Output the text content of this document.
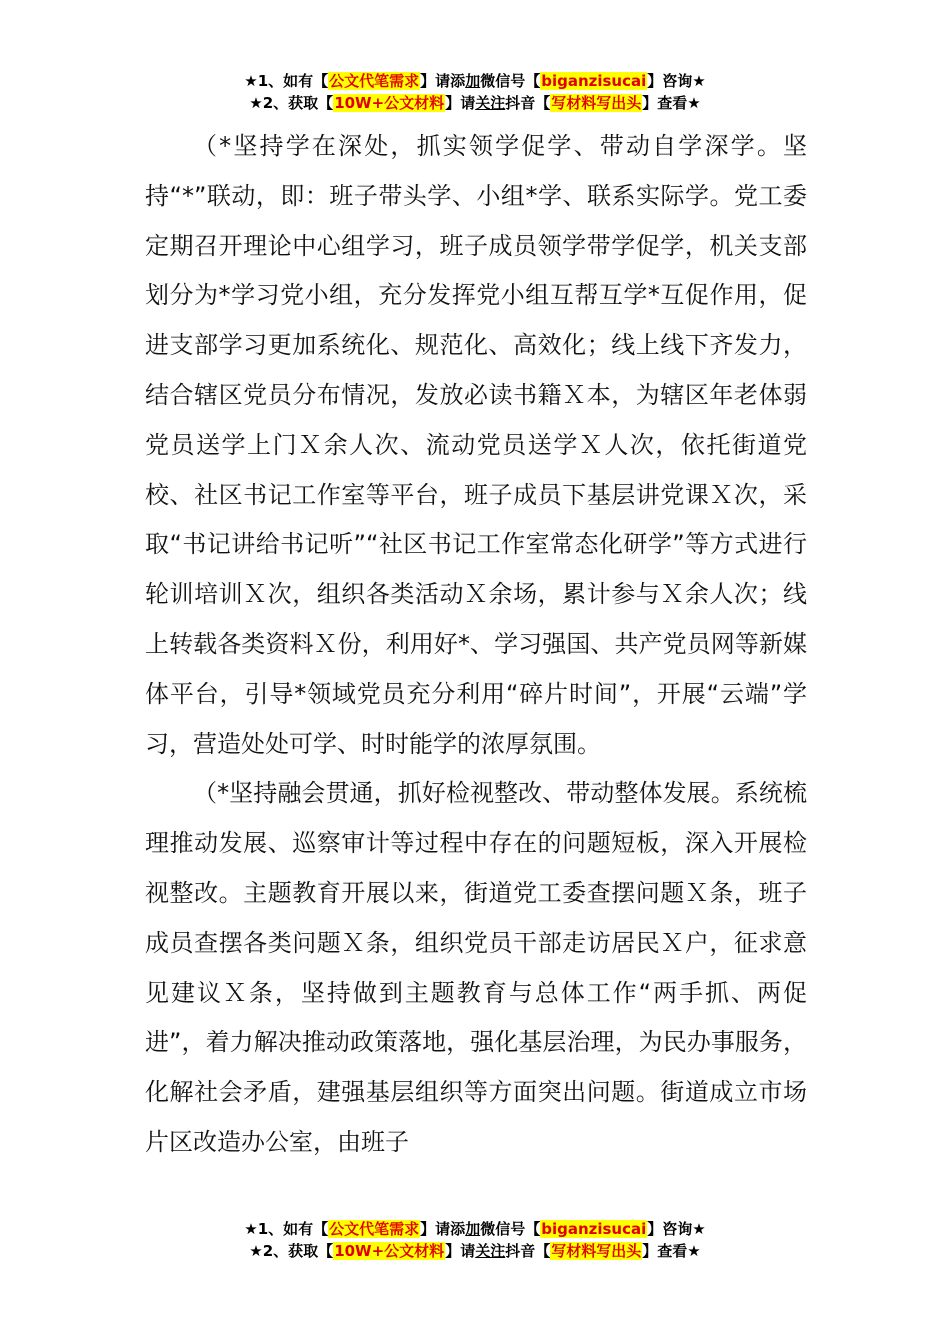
★1、如有【公文代笔需求】请添加微信号【biganzisucai】咨询★
★2、获取【10W+公文材料】请关注抖音【写材料写出头】查看★

（*坚持学在深处，抓实领学促学、带动自学深学。坚持“*”联动，即：班子带头学、小组*学、联系实际学。党工委定期召开理论中心组学习，班子成员领学带学促学，机关支部划分为*学习党小组，充分发挥党小组互帮互学*互促作用，促进支部学习更加系统化、规范化、高效化；线上线下齐发力，结合辖区党员分布情况，发放必读书籍Ｘ本，为辖区年老体弱党员送学上门Ｘ余人次、流动党员送学Ｘ人次，依托街道党校、社区书记工作室等平台，班子成员下基层讲党课Ｘ次，采取“书记讲给书记听”“社区书记工作室常态化研学”等方式进行轮训培训Ｘ次，组织各类活动Ｘ余场，累计参与Ｘ余人次；线上转载各类资料Ｘ份，利用好*、学习强国、共产党员网等新媒体平台，引导*领域党员充分利用“碎片时间”，开展“云端”学习，营造处处可学、时时能学的浓厚氛围。

（*坚持融会贯通，抓好检视整改、带动整体发展。系统梳理推动发展、巡察审计等过程中存在的问题短板，深入开展检视整改。主题教育开展以来，街道党工委查摆问题Ｘ条，班子成员查摆各类问题Ｘ条，组织党员干部走访居民Ｘ户，征求意见建议Ｘ条，坚持做到主题教育与总体工作“两手抓、两促进”，着力解决推动政策落地，强化基层治理，为民办事服务，化解社会矛盾，建强基层组织等方面突出问题。街道成立市场片区改造办公室，由班子

★1、如有【公文代笔需求】请添加微信号【biganzisucai】咨询★
★2、获取【10W+公文材料】请关注抖音【写材料写出头】查看★
